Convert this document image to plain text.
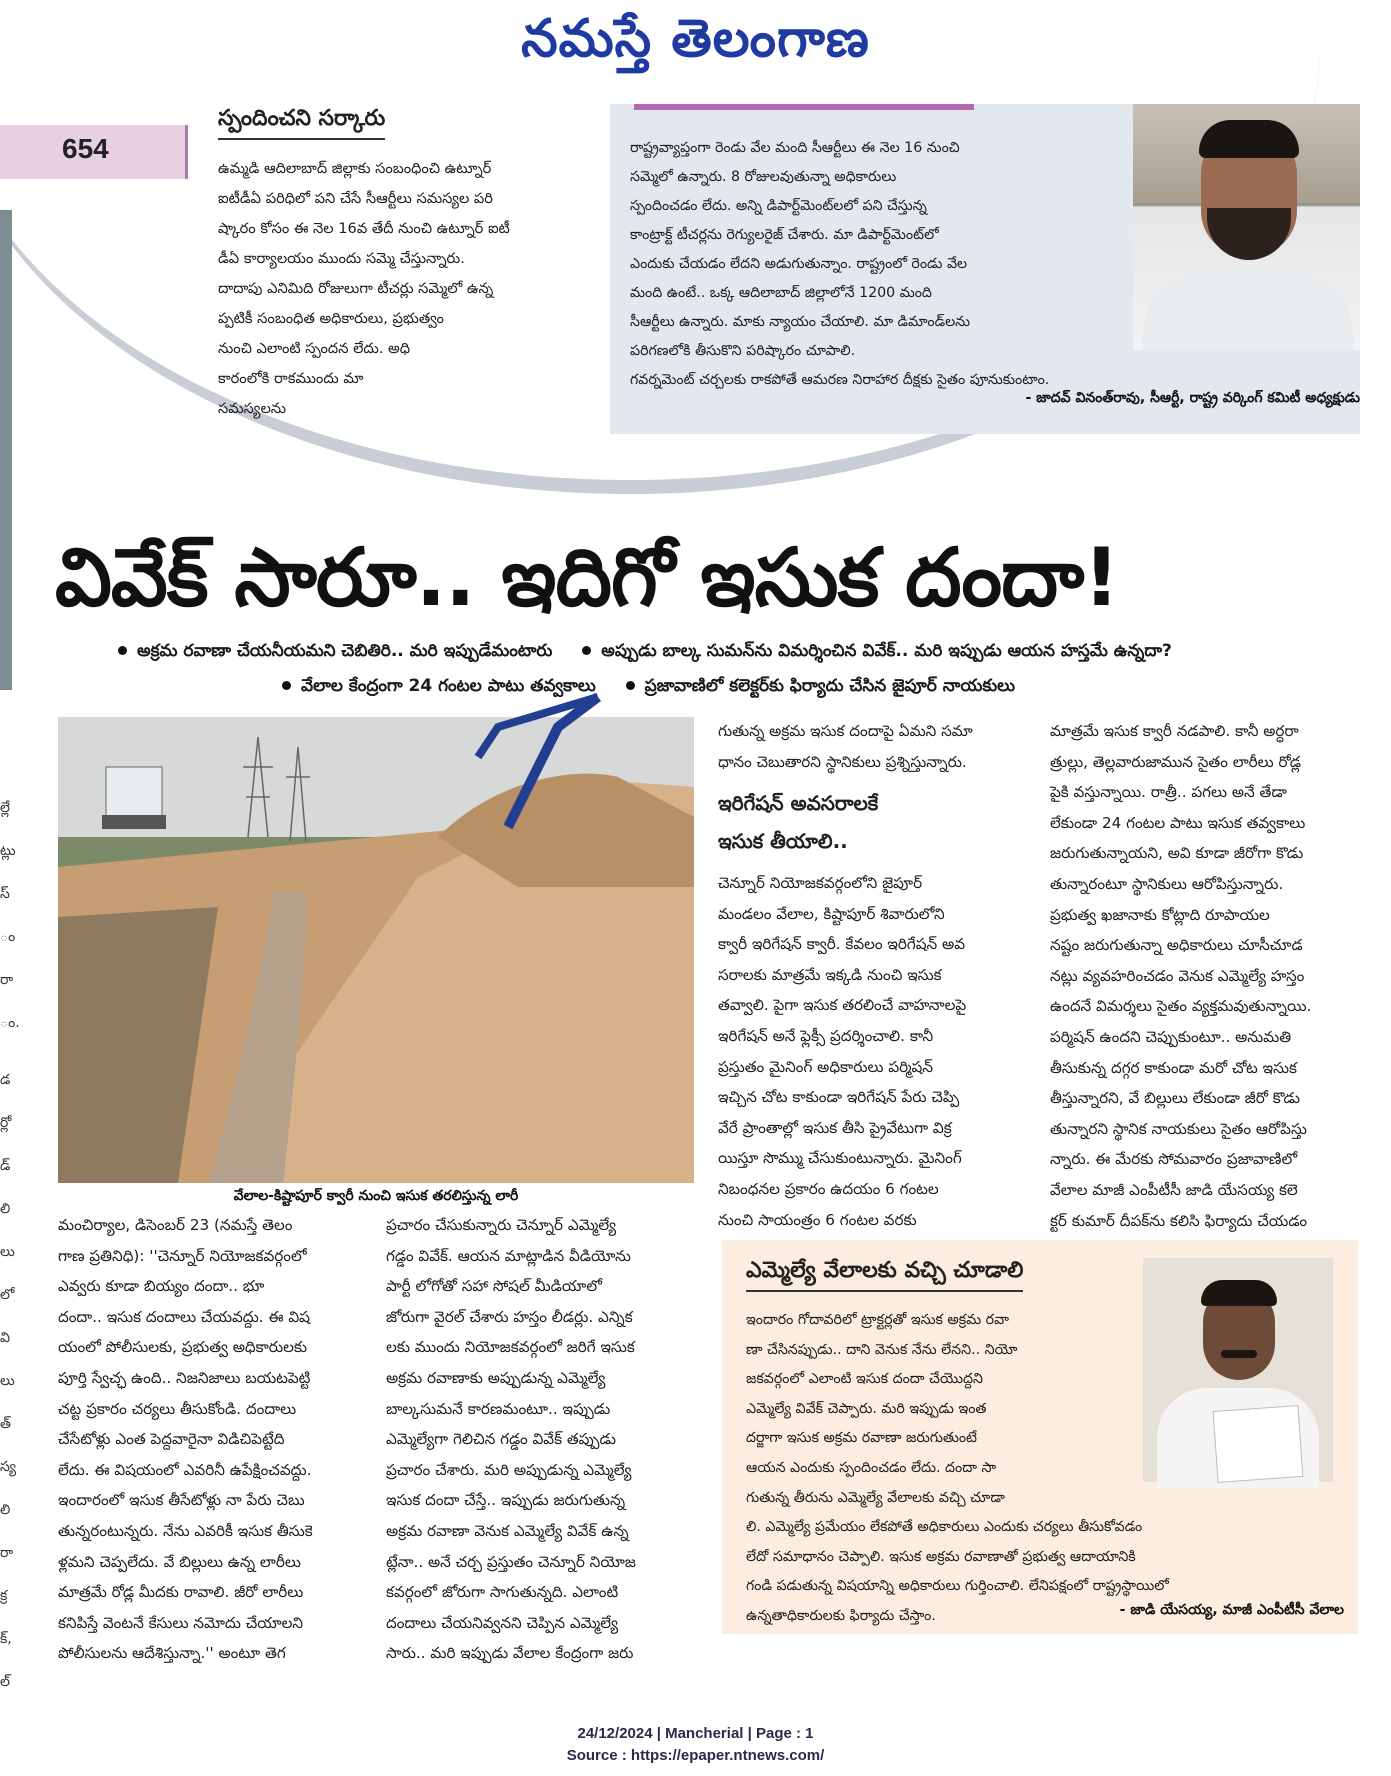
నమస్తే తెలంగాణ
654

ల్లే

ట్లు

స్

ం

రా

ం.

డ

ర్లో

డ్

లి

లు

లో

వి

లు

త్

స్య

లి

రా

క్ర

క్,

ల్

స్పందించని సర్కారు

ఉమ్మడి ఆదిలాబాద్ జిల్లాకు సంబంధించి ఉట్నూర్

ఐటీడీఏ పరిధిలో పని చేసే సీఆర్టీలు సమస్యల పరి

ష్కారం కోసం ఈ నెల 16వ తేదీ నుంచి ఉట్నూర్ ఐటీ

డీఏ కార్యాలయం ముందు సమ్మె చేస్తున్నారు.

దాదాపు ఎనిమిది రోజులుగా టీచర్లు సమ్మెలో ఉన్న

ప్పటికీ సంబంధిత అధికారులు, ప్రభుత్వం

నుంచి ఎలాంటి స్పందన లేదు. అధి

కారంలోకి రాకముందు మా

సమస్యలను

రాష్ట్రవ్యాప్తంగా రెండు వేల మంది సీఆర్టీలు ఈ నెల 16 నుంచి

సమ్మెలో ఉన్నారు. 8 రోజులవుతున్నా అధికారులు

స్పందించడం లేదు. అన్ని డిపార్ట్‌మెంట్‌లలో పని చేస్తున్న

కాంట్రాక్ట్ టీచర్లను రెగ్యులరైజ్ చేశారు. మా డిపార్ట్‌మెంట్‌లో

ఎందుకు చేయడం లేదని అడుగుతున్నాం. రాష్ట్రంలో రెండు వేల

మంది ఉంటే.. ఒక్క ఆదిలాబాద్ జిల్లాలోనే 1200 మంది

సీఆర్టీలు ఉన్నారు. మాకు న్యాయం చేయాలి. మా డిమాండ్‌లను

పరిగణలోకి తీసుకొని పరిష్కారం చూపాలి.

గవర్నమెంట్ చర్చలకు రాకపోతే ఆమరణ నిరాహార దీక్షకు సైతం పూనుకుంటాం.

- జాదవ్ వినంత్‌రావు, సీఆర్టీ, రాష్ట్ర వర్కింగ్ కమిటీ అధ్యక్షుడు
వివేక్ సారూ.. ఇదిగో ఇసుక దందా!
అక్రమ రవాణా చేయనీయమని చెబితిరి.. మరి ఇప్పుడేమంటారు	అప్పుడు బాల్క సుమన్‌ను విమర్శించిన వివేక్.. మరి ఇప్పుడు ఆయన హస్తమే ఉన్నదా?
వేలాల కేంద్రంగా 24 గంటల పాటు తవ్వకాలు	ప్రజావాణిలో కలెక్టర్‌కు ఫిర్యాదు చేసిన జైపూర్ నాయకులు
వేలాల-కిష్టాపూర్ క్వారీ నుంచి ఇసుక తరలిస్తున్న లారీ

మంచిర్యాల, డిసెంబర్ 23 (నమస్తే తెలం

గాణ ప్రతినిధి): ''చెన్నూర్ నియోజకవర్గంలో

ఎవ్వరు కూడా బియ్యం దందా.. భూ

దందా.. ఇసుక దందాలు చేయవద్దు. ఈ విష

యంలో పోలీసులకు, ప్రభుత్వ అధికారులకు

పూర్తి స్వేచ్ఛ ఉంది.. నిజనిజాలు బయటపెట్టి

చట్ట ప్రకారం చర్యలు తీసుకోండి. దందాలు

చేసేటోళ్లు ఎంత పెద్దవారైనా విడిచిపెట్టేది

లేదు. ఈ విషయంలో ఎవరినీ ఉపేక్షించవద్దు.

ఇందారంలో ఇసుక తీసేటోళ్లు నా పేరు చెబు

తున్నరంటున్నరు. నేను ఎవరికీ ఇసుక తీసుకె

ళ్లమని చెప్పలేదు. వే బిల్లులు ఉన్న లారీలు

మాత్రమే రోడ్ల మీదకు రావాలి. జీరో లారీలు

కనిపిస్తే వెంటనే కేసులు నమోదు చేయాలని

పోలీసులను ఆదేశిస్తున్నా.'' అంటూ తెగ

ప్రచారం చేసుకున్నారు చెన్నూర్ ఎమ్మెల్యే

గడ్డం వివేక్. ఆయన మాట్లాడిన వీడియోను

పార్టీ లోగోతో సహా సోషల్ మీడియాలో

జోరుగా వైరల్ చేశారు హస్తం లీడర్లు. ఎన్నిక

లకు ముందు నియోజకవర్గంలో జరిగే ఇసుక

అక్రమ రవాణాకు అప్పుడున్న ఎమ్మెల్యే

బాల్కసుమనే కారణమంటూ.. ఇప్పుడు

ఎమ్మెల్యేగా గెలిచిన గడ్డం వివేక్ తప్పుడు

ప్రచారం చేశారు. మరి అప్పుడున్న ఎమ్మెల్యే

ఇసుక దందా చేస్తే.. ఇప్పుడు జరుగుతున్న

అక్రమ రవాణా వెనుక ఎమ్మెల్యే వివేక్ ఉన్న

ట్లేనా.. అనే చర్చ ప్రస్తుతం చెన్నూర్ నియోజ

కవర్గంలో జోరుగా సాగుతున్నది. ఎలాంటి

దందాలు చేయనివ్వనని చెప్పిన ఎమ్మెల్యే

సారు.. మరి ఇప్పుడు వేలాల కేంద్రంగా జరు

గుతున్న అక్రమ ఇసుక దందాపై ఏమని సమా

ధానం చెబుతారని స్థానికులు ప్రశ్నిస్తున్నారు.

ఇరిగేషన్ అవసరాలకే
ఇసుక తీయాలి..

చెన్నూర్ నియోజకవర్గంలోని జైపూర్

మండలం వేలాల, కిష్టాపూర్ శివారులోని

క్వారీ ఇరిగేషన్ క్వారీ. కేవలం ఇరిగేషన్ అవ

సరాలకు మాత్రమే ఇక్కడి నుంచి ఇసుక

తవ్వాలి. పైగా ఇసుక తరలించే వాహనాలపై

ఇరిగేషన్ అనే ఫ్లెక్సీ ప్రదర్శించాలి. కానీ

ప్రస్తుతం మైనింగ్ అధికారులు పర్మిషన్

ఇచ్చిన చోట కాకుండా ఇరిగేషన్ పేరు చెప్పి

వేరే ప్రాంతాల్లో ఇసుక తీసి ప్రైవేటుగా విక్ర

యిస్తూ సొమ్ము చేసుకుంటున్నారు. మైనింగ్

నిబంధనల ప్రకారం ఉదయం 6 గంటల

నుంచి సాయంత్రం 6 గంటల వరకు

మాత్రమే ఇసుక క్వారీ నడపాలి. కానీ అర్ధరా

త్రుల్లు, తెల్లవారుజామున సైతం లారీలు రోడ్ల

పైకి వస్తున్నాయి. రాత్రీ.. పగలు అనే తేడా

లేకుండా 24 గంటల పాటు ఇసుక తవ్వకాలు

జరుగుతున్నాయని, అవి కూడా జీరోగా కొడు

తున్నారంటూ స్థానికులు ఆరోపిస్తున్నారు.

ప్రభుత్వ ఖజానాకు కోట్లాది రూపాయల

నష్టం జరుగుతున్నా అధికారులు చూసీచూడ

నట్లు వ్యవహరించడం వెనుక ఎమ్మెల్యే హస్తం

ఉందనే విమర్శలు సైతం వ్యక్తమవుతున్నాయి.

పర్మిషన్ ఉందని చెప్పుకుంటూ.. అనుమతి

తీసుకున్న దగ్గర కాకుండా మరో చోట ఇసుక

తీస్తున్నారని, వే బిల్లులు లేకుండా జీరో కొడు

తున్నారని స్థానిక నాయకులు సైతం ఆరోపిస్తు

న్నారు. ఈ మేరకు సోమవారం ప్రజావాణిలో

వేలాల మాజీ ఎంపీటీసీ జాడి యేసయ్య కలె

క్టర్ కుమార్ దీపక్‌ను కలిసి ఫిర్యాదు చేయడం

ఎమ్మెల్యే వేలాలకు వచ్చి చూడాలి

ఇందారం గోదావరిలో ట్రాక్టర్లతో ఇసుక అక్రమ రవా

ణా చేసినప్పుడు.. దాని వెనుక నేను లేనని.. నియో

జకవర్గంలో ఎలాంటి ఇసుక దందా చేయొద్దని

ఎమ్మెల్యే వివేక్ చెప్పారు. మరి ఇప్పుడు ఇంత

దర్జాగా ఇసుక అక్రమ రవాణా జరుగుతుంటే

ఆయన ఎందుకు స్పందించడం లేదు. దందా సా

గుతున్న తీరును ఎమ్మెల్యే వేలాలకు వచ్చి చూడా

లి. ఎమ్మెల్యే ప్రమేయం లేకపోతే అధికారులు ఎందుకు చర్యలు తీసుకోవడం

లేదో సమాధానం చెప్పాలి. ఇసుక అక్రమ రవాణాతో ప్రభుత్వ ఆదాయానికి

గండి పడుతున్న విషయాన్ని అధికారులు గుర్తించాలి. లేనిపక్షంలో రాష్ట్రస్థాయిలో

ఉన్నతాధికారులకు ఫిర్యాదు చేస్తాం.	- జాడి యేసయ్య, మాజీ ఎంపీటీసీ వేలాల
24/12/2024 | Mancherial | Page : 1
Source : https://epaper.ntnews.com/
